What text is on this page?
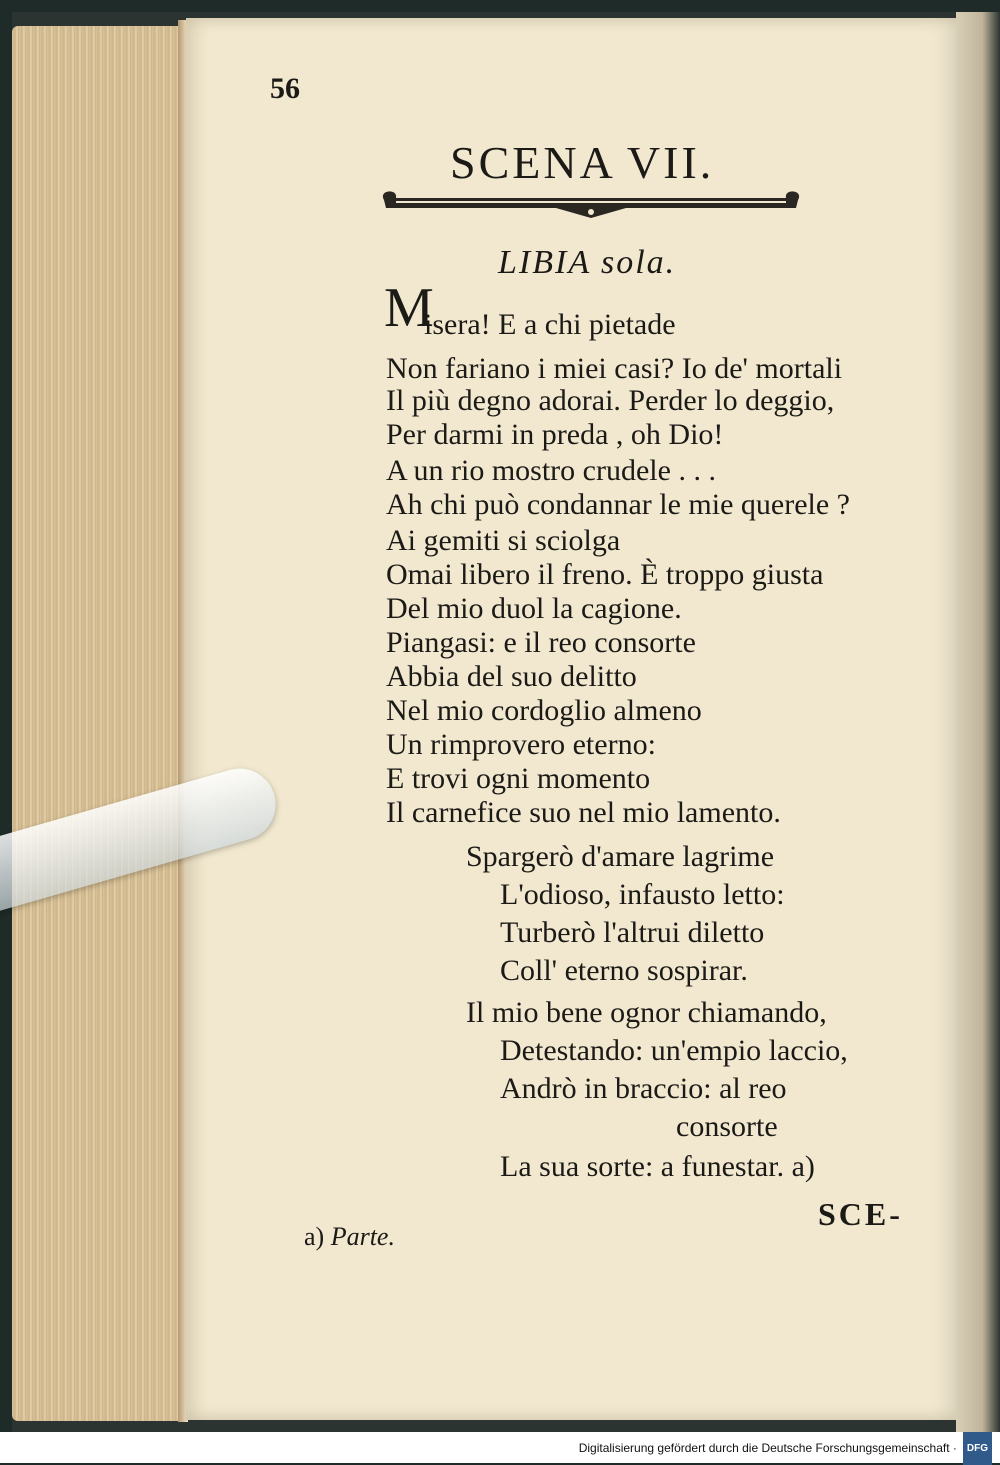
56
SCENA VII.
LIBIA sola.
M
isera! E a chi pietade
Non fariano i miei casi? Io de' mortali
Il più degno adorai. Perder lo deggio,
Per darmi in preda , oh Dio!
A un rio mostro crudele . . .
Ah chi può condannar le mie querele ?
Ai gemiti si sciolga
Omai libero il freno. È troppo giusta
Del mio duol la cagione.
Piangasi: e il reo consorte
Abbia del suo delitto
Nel mio cordoglio almeno
Un rimprovero eterno:
E trovi ogni momento
Il carnefice suo nel mio lamento.
Spargerò d'amare lagrime
L'odioso, infausto letto:
Turberò l'altrui diletto
Coll' eterno sospirar.
Il mio bene ognor chiamando,
Detestando: un'empio laccio,
Andrò in braccio: al reo
consorte
La sua sorte: a funestar. a)
SCE-
a) Parte.
Digitalisierung gefördert durch die Deutsche Forschungsgemeinschaft · DFG
